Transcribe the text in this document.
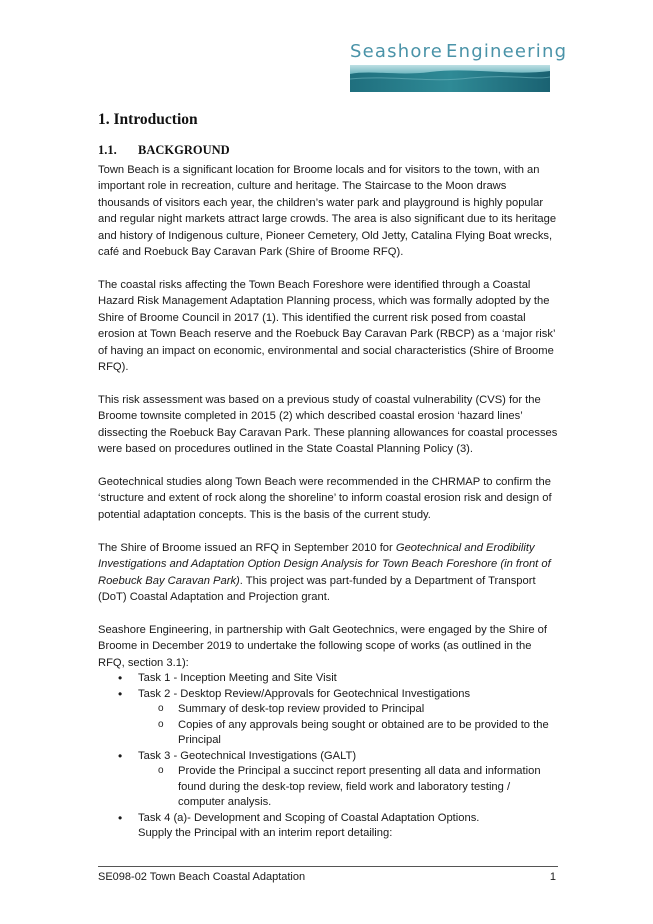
Seashore Engineering
1. Introduction
1.1. BACKGROUND

Town Beach is a significant location for Broome locals and for visitors to the town, with an important role in recreation, culture and heritage. The Staircase to the Moon draws thousands of visitors each year, the children’s water park and playground is highly popular and regular night markets attract large crowds. The area is also significant due to its heritage and history of Indigenous culture, Pioneer Cemetery, Old Jetty, Catalina Flying Boat wrecks, café and Roebuck Bay Caravan Park (Shire of Broome RFQ).

The coastal risks affecting the Town Beach Foreshore were identified through a Coastal Hazard Risk Management Adaptation Planning process, which was formally adopted by the Shire of Broome Council in 2017 (1). This identified the current risk posed from coastal erosion at Town Beach reserve and the Roebuck Bay Caravan Park (RBCP) as a ‘major risk’ of having an impact on economic, environmental and social characteristics (Shire of Broome RFQ).

This risk assessment was based on a previous study of coastal vulnerability (CVS) for the Broome townsite completed in 2015 (2) which described coastal erosion ‘hazard lines’ dissecting the Roebuck Bay Caravan Park. These planning allowances for coastal processes were based on procedures outlined in the State Coastal Planning Policy (3).

Geotechnical studies along Town Beach were recommended in the CHRMAP to confirm the ‘structure and extent of rock along the shoreline’ to inform coastal erosion risk and design of potential adaptation concepts. This is the basis of the current study.

The Shire of Broome issued an RFQ in September 2010 for Geotechnical and Erodibility Investigations and Adaptation Option Design Analysis for Town Beach Foreshore (in front of Roebuck Bay Caravan Park). This project was part-funded by a Department of Transport (DoT) Coastal Adaptation and Projection grant.

Seashore Engineering, in partnership with Galt Geotechnics, were engaged by the Shire of Broome in December 2019 to undertake the following scope of works (as outlined in the RFQ, section 3.1):

• Task 1 - Inception Meeting and Site Visit
• Task 2 - Desktop Review/Approvals for Geotechnical Investigations
o Summary of desk-top review provided to Principal
o Copies of any approvals being sought or obtained are to be provided to the Principal
• Task 3 - Geotechnical Investigations (GALT)
o Provide the Principal a succinct report presenting all data and information found during the desk-top review, field work and laboratory testing / computer analysis.
• Task 4 (a)- Development and Scoping of Coastal Adaptation Options.
Supply the Principal with an interim report detailing:
SE098-02 Town Beach Coastal Adaptation	1
